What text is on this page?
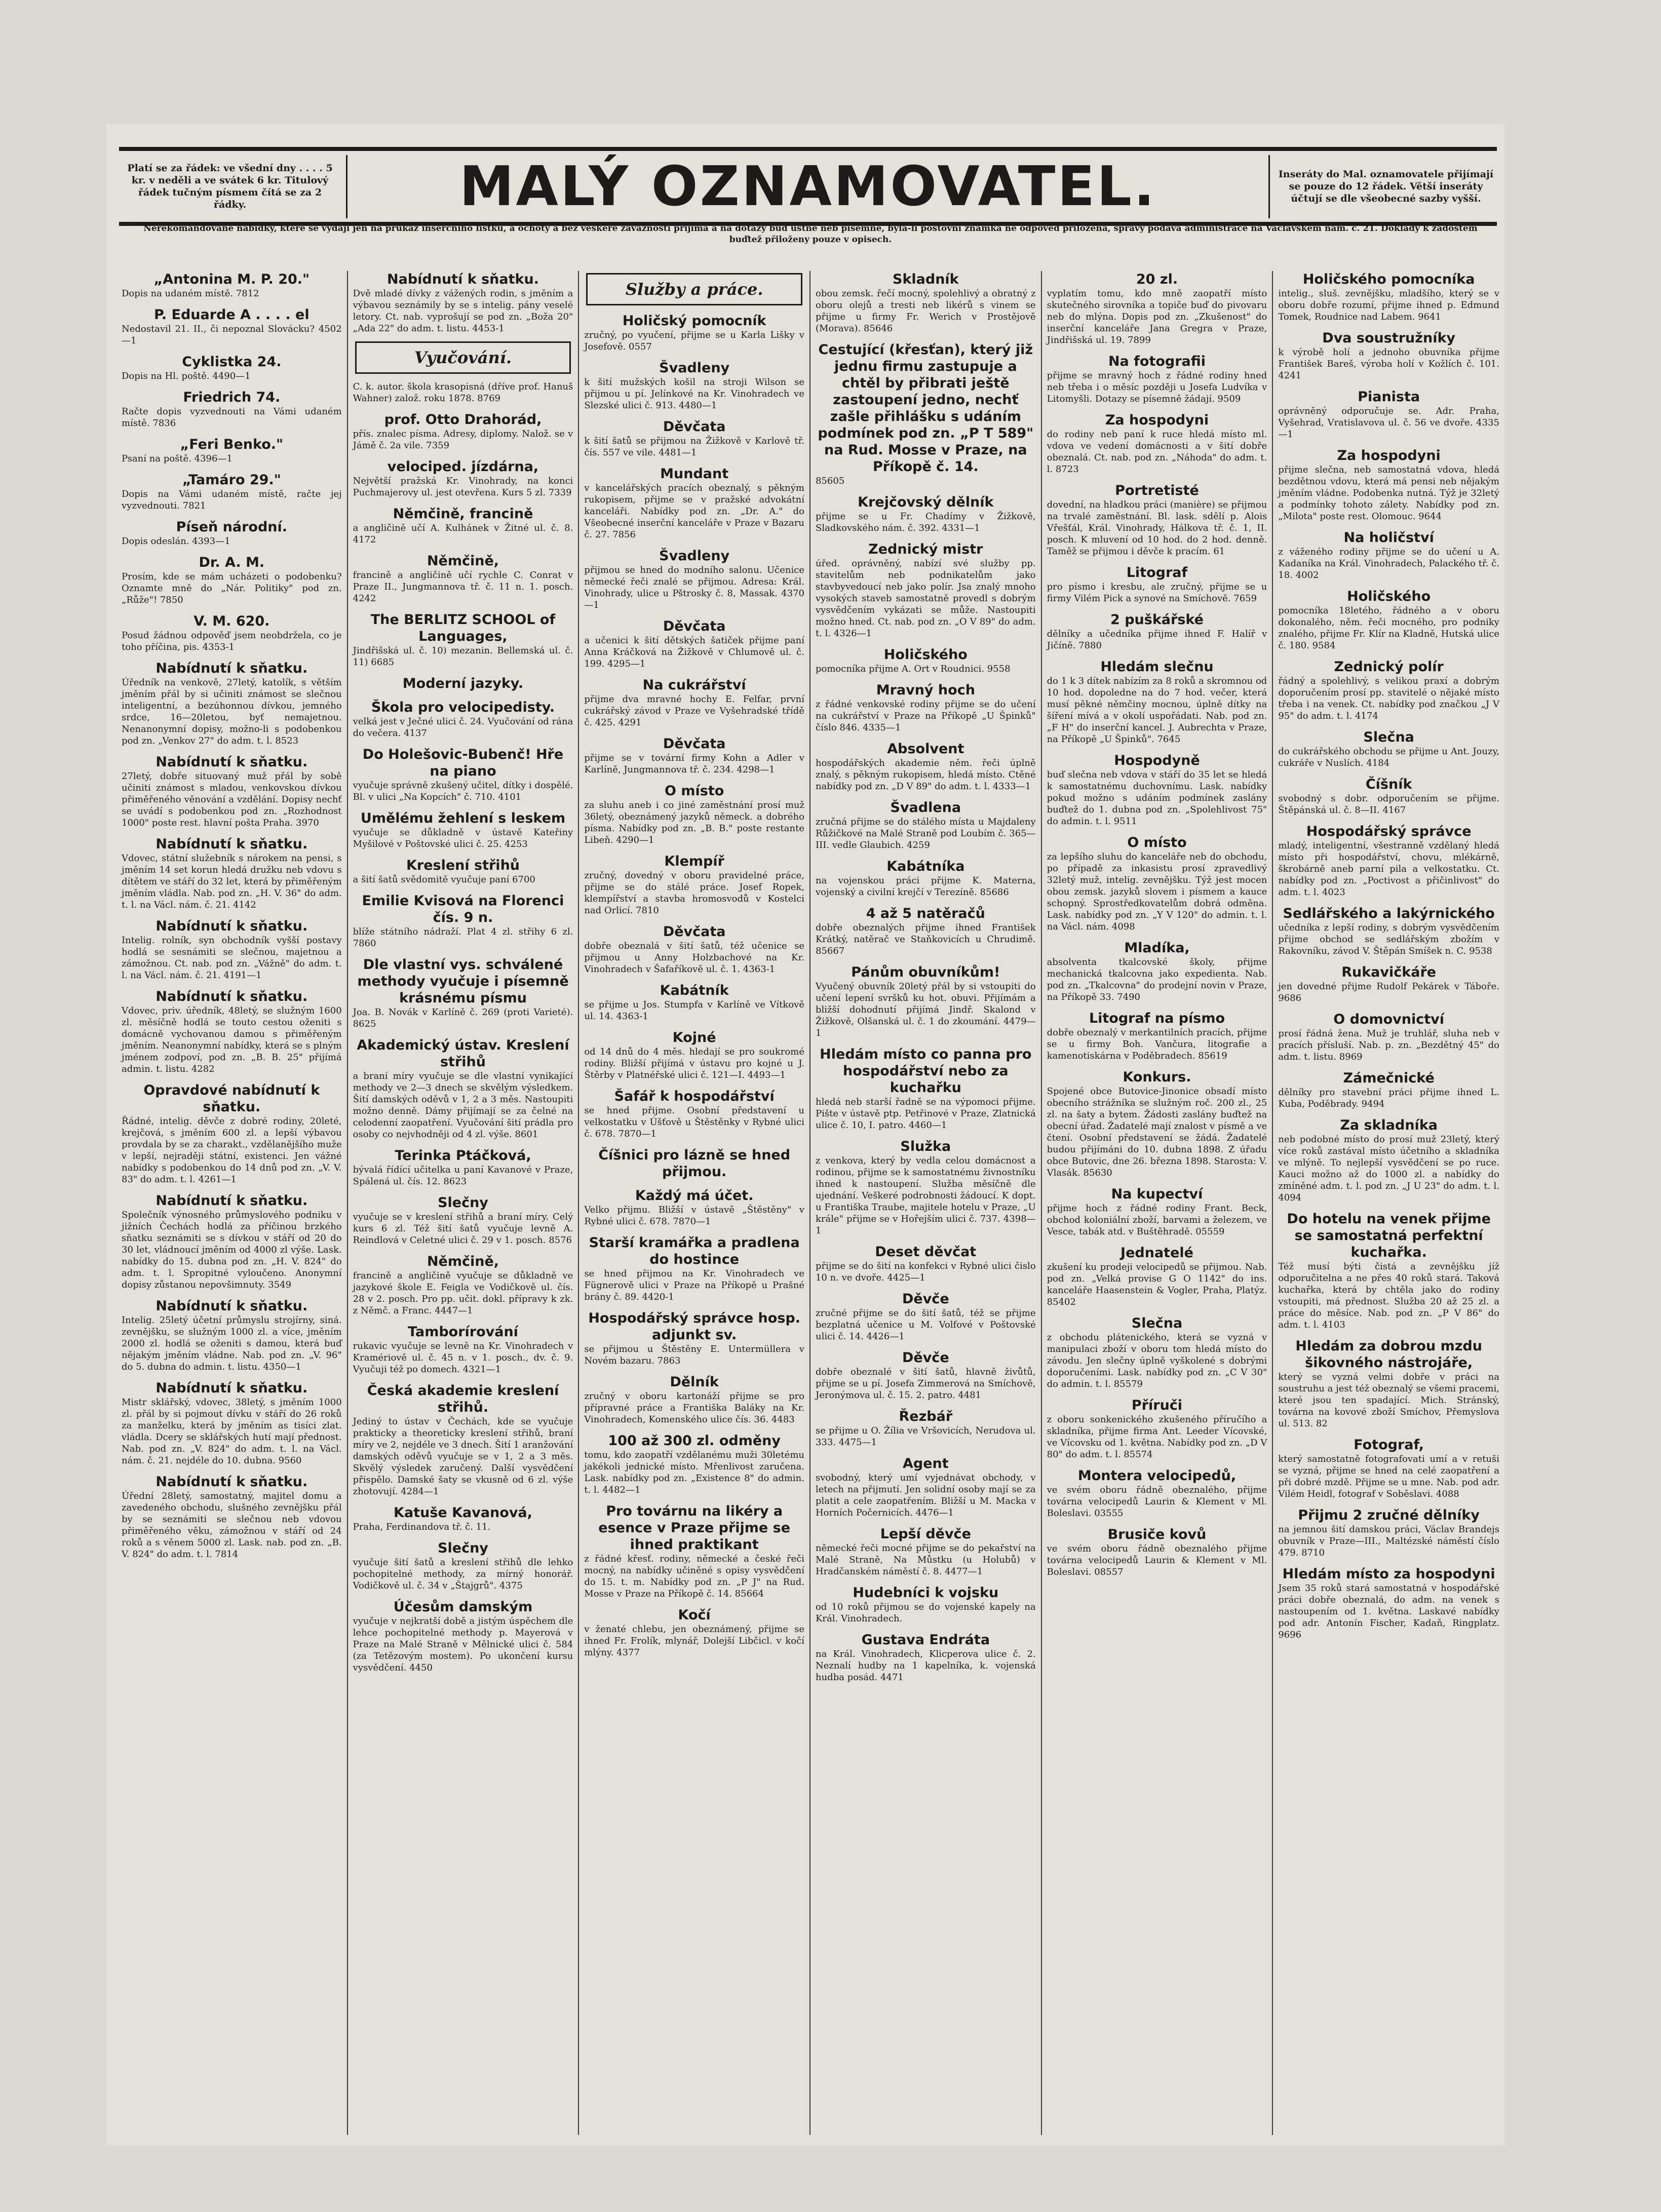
Platí se za řádek: ve všední dny . . . . 5 kr. v neděli a ve svátek 6 kr. Titulový řádek tučným písmem čítá se za 2 řádky.	MALÝ OZNAMOVATEL.	Inseráty do Mal. oznamovatele přijímají se pouze do 12 řádek. Větší inseráty účtují se dle všeobecné sazby vyšší.
Nerekomandované nabídky, které se vydají jen na průkaz inserčního lístku, a ochoty a bez veškeré závaznosti přijímá a na dotazy buď ústně neb písemně, byla-li poštovní známka ne odpověď přiložena, správy podává administrace na Václavském nám. č. 21. Doklady k žádostem buďtež přiloženy pouze v opisech.
„Antonina M. P. 20."

Dopis na udaném místě. 7812

P. Eduarde A . . . . el

Nedostavil 21. II., či nepoznal Slovácku? 4502—1

Cyklistka 24.

Dopis na Hl. poště. 4490—1

Friedrich 74.

Račte dopis vyzvednouti na Vámi udaném místě. 7836

„Feri Benko."

Psaní na poště. 4396—1

„Tamáro 29."

Dopis na Vámi udaném místě, račte jej vyzvednouti. 7821

Píseň národní.

Dopis odeslán. 4393—1

Dr. A. M.

Prosím, kde se mám ucházeti o podobenku? Oznamte mně do „Nár. Politiky" pod zn. „Růže"! 7850

V. M. 620.

Posud žádnou odpověď jsem neobdržela, co je toho příčina, pis. 4353-1

Nabídnutí k sňatku.

Úředník na venkově, 27letý, katolík, s větším jměním přál by si učiniti známost se slečnou inteligentní, a bezúhonnou dívkou, jemného srdce, 16—20letou, byť nemajetnou. Nenanonymní dopisy, možno-li s podobenkou pod zn. „Venkov 27" do adm. t. l. 8523

Nabídnutí k sňatku.

27letý, dobře situovaný muž přál by sobě učiniti známost s mladou, venkovskou dívkou přiměřeného věnování a vzdělání. Dopisy nechť se uvádí s podobenkou pod zn. „Rozhodnost 1000" poste rest. hlavní pošta Praha. 3970

Nabídnutí k sňatku.

Vdovec, státní služebník s nárokem na pensi, s jměním 14 set korun hledá družku neb vdovu s dítětem ve stáří do 32 let, která by přiměřeným jměním vládla. Nab. pod zn. „H. V. 36" do adm. t. l. na Václ. nám. č. 21. 4142

Nabídnutí k sňatku.

Intelig. rolník, syn obchodník vyšší postavy hodlá se sesnámiti se slečnou, majetnou a zámožnou. Ct. nab. pod zn. „Vážně" do adm. t. l. na Václ. nám. č. 21. 4191—1

Nabídnutí k sňatku.

Vdovec, priv. úředník, 48letý, se služným 1600 zl. měsíčně hodlá se touto cestou oženiti s domácně vychovanou damou s přiměřeným jměním. Neanonymní nabídky, která se s plným jménem zodpoví, pod zn. „B. B. 25" přijímá admin. t. listu. 4282

Opravdové nabídnutí k sňatku.

Řádné, intelig. děvče z dobré rodiny, 20leté, krejčová, s jměním 600 zl. a lepší výbavou provdala by se za charakt., vzdělanějšího muže v lepší, nejraději státní, existenci. Jen vážné nabídky s podobenkou do 14 dnů pod zn. „V. V. 83" do adm. t. l. 4261—1

Nabídnutí k sňatku.

Společník výnosného průmyslového podniku v jižních Čechách hodlá za příčinou brzkého sňatku seznámiti se s dívkou v stáří od 20 do 30 let, vládnoucí jměním od 4000 zl výše. Lask. nabídky do 15. dubna pod zn. „H. V. 824" do adm. t. l. Spropitné vyloučeno. Anonymní dopisy zůstanou nepovšimnuty. 3549

Nabídnutí k sňatku.

Intelig. 25letý účetní průmyslu strojírny, siná. zevnějšku, se služným 1000 zl. a více, jměním 2000 zl. hodlá se oženiti s damou, která buď nějakým jměním vládne. Nab. pod zn. „V. 96" do 5. dubna do admin. t. listu. 4350—1

Nabídnutí k sňatku.

Mistr sklářský, vdovec, 38letý, s jměním 1000 zl. přál by si pojmout dívku v stáří do 26 roků za manželku, která by jměním as tisíci zlat. vládla. Dcery se sklářských hutí mají přednost. Nab. pod zn. „V. 824" do adm. t. l. na Václ. nám. č. 21. nejdéle do 10. dubna. 9560

Nabídnutí k sňatku.

Úřední 28letý, samostatný, majitel domu a zavedeného obchodu, slušného zevnějšku přál by se seznámiti se slečnou neb vdovou přiměřeného věku, zámožnou v stáří od 24 roků a s věnem 5000 zl. Lask. nab. pod zn. „B. V. 824" do adm. t. l. 7814

Nabídnutí k sňatku.

Dvě mladé dívky z vážených rodin, s jměním a výbavou seznámily by se s intelig. pány veselé letory. Ct. nab. vyprošují se pod zn. „Boža 20" „Ada 22" do adm. t. listu. 4453-1

Vyučování.

C. k. autor. škola krasopisná (dříve prof. Hanuš Wahner) založ. roku 1878. 8769

prof. Otto Drahorád,

přís. znalec písma. Adresy, diplomy. Nalož. se v Jámě č. 2a vile. 7359

velociped. jízdárna,

Největší pražská Kr. Vinohrady, na konci Puchmajerovy ul. jest otevřena. Kurs 5 zl. 7339

Němčině, francině

a angličině učí A. Kulhánek v Žitné ul. č. 8. 4172

Němčině,

francině a angličině učí rychle C. Conrat v Praze II., Jungmannova tř. č. 11 n. 1. posch. 4242

The BERLITZ SCHOOL of Languages,

Jindřišská ul. č. 10) mezanin. Bellemská ul. č. 11) 6685

Moderní jazyky.
Škola pro velocipedisty.

velká jest v Ječné ulici č. 24. Vyučování od rána do večera. 4137

Do Holešovic-Bubenč! Hře na piano

vyučuje správně zkušený učitel, dítky i dospělé. Bl. v ulici „Na Kopcích" č. 710. 4101

Umělému žehlení s leskem

vyučuje se důkladně v ústavě Kateřiny Myšilové v Poštovské ulici č. 25. 4253

Kreslení střihů

a šití šatů svědomitě vyučuje paní 6700

Emilie Kvisová na Florenci čís. 9 n.

blíže státního nádraží. Plat 4 zl. střihy 6 zl. 7860

Dle vlastní vys. schválené methody vyučuje i písemně krásnému písmu

Joa. B. Novák v Karlíně č. 269 (proti Varieté). 8625

Akademický ústav. Kreslení střihů

a braní míry vyučuje se dle vlastní vynikající methody ve 2—3 dnech se skvělým výsledkem. Šití damských oděvů v 1, 2 a 3 měs. Nastoupiti možno denně. Dámy přijímají se za čelné na celodenní zaopatření. Vyučování šití prádla pro osoby co nejvhodněji od 4 zl. výše. 8601

Terinka Ptáčková,

bývalá řídící učitelka u paní Kavanové v Praze, Spálená ul. čís. 12. 8623

Slečny

vyučuje se v kreslení střihů a braní míry. Celý kurs 6 zl. Též šití šatů vyučuje levně A. Reindlová v Celetné ulici č. 29 v 1. posch. 8576

Němčině,

francině a angličině vyučuje se důkladně ve jazykové škole E. Feigla ve Vodičkově ul. čís. 28 v 2. posch. Pro pp. učit. dokl. přípravy k zk. z Němč. a Franc. 4447—1

Tamborírování

rukavic vyučuje se levně na Kr. Vinohradech v Kramériově ul. č. 45 n. v 1. posch., dv. č. 9. Vyučuji též po domech. 4321—1

Česká akademie kreslení střihů.

Jediný to ústav v Čechách, kde se vyučuje prakticky a theoreticky kreslení střihů, braní míry ve 2, nejdéle ve 3 dnech. Šití 1 aranžování damských oděvů vyučuje se v 1, 2 a 3 měs. Skvělý výsledek zaručený. Další vysvědčení přispělo. Damské šaty se vkusně od 6 zl. výše zhotovují. 4284—1

Katuše Kavanová,

Praha, Ferdinandova tř. č. 11.

Slečny

vyučuje šití šatů a kreslení střihů dle lehko pochopitelné methody, za mírný honorář. Vodičkově ul. č. 34 v „Štajgrů". 4375

Účesům damským

vyučuje v nejkratší době a jistým úspěchem dle lehce pochopitelné methody p. Mayerová v Praze na Malé Straně v Mělnické ulici č. 584 (za Tetězovým mostem). Po ukončení kursu vysvědčení. 4450

Služby a práce.
Holičský pomocník

zručný, po vyučení, přijme se u Karla Lišky v Josefově. 0557

Švadleny

k šití mužských košil na stroji Wilson se přijmou u pí. Jelínkové na Kr. Vinohradech ve Slezské ulici č. 913. 4480—1

Děvčata

k šití šatů se přijmou na Žižkově v Karlově tř. čís. 557 ve vile. 4481—1

Mundant

v kancelářských pracích obeznalý, s pěkným rukopisem, přijme se v pražské advokátní kanceláři. Nabídky pod zn. „Dr. A." do Všeobecné inserční kanceláře v Praze v Bazaru č. 27. 7856

Švadleny

přijmou se hned do modního salonu. Učenice německé řeči znalé se přijmou. Adresa: Král. Vinohrady, ulice u Pštrosky č. 8, Massak. 4370—1

Děvčata

a učenici k šití dětských šatiček přijme paní Anna Kráčková na Žižkově v Chlumově ul. č. 199. 4295—1

Na cukrářství

přijme dva mravné hochy E. Felfar, první cukrářský závod v Praze ve Vyšehradské třídě č. 425. 4291

Děvčata

přijme se v tovární firmy Kohn a Adler v Karlíně, Jungmannova tř. č. 234. 4298—1

O místo

za sluhu aneb i co jiné zaměstnání prosí muž 36letý, obeznámený jazyků německ. a dobrého písma. Nabídky pod zn. „B. B." poste restante Libeň. 4290—1

Klempíř

zručný, dovedný v oboru pravidelné práce, přijme se do stálé práce. Josef Ropek, klempířství a stavba hromosvodů v Kostelci nad Orlicí. 7810

Děvčata

dobře obeznalá v šití šatů, též učenice se přijmou u Anny Holzbachové na Kr. Vinohradech v Šafaříkově ul. č. 1. 4363-1

Kabátník

se přijme u Jos. Stumpfa v Karlíně ve Vítkově ul. 14. 4363-1

Kojné

od 14 dnů do 4 měs. hledají se pro soukromé rodiny. Bližší přijímá v ústavu pro kojné u J. Štěrby v Platnéřské ulici č. 121—I. 4493—1

Šafář k hospodářství

se hned přijme. Osobní představení u velkostatku v Úšťově u Štěstěnky v Rybné ulici č. 678. 7870—1

Číšnici pro lázně se hned přijmou.
Každý má účet.

Velko přijmu. Bližší v ústavě „Štěstěny" v Rybné ulici č. 678. 7870—1

Starší kramářka a pradlena do hostince

se hned přijmou na Kr. Vinohradech ve Fügnerově ulici v Praze na Příkopě u Prašné brány č. 89. 4420-1

Hospodářský správce hosp. adjunkt sv.

se přijmou u Štěstěny E. Untermüllera v Novém bazaru. 7863

Dělník

zručný v oboru kartonáží přijme se pro přípravné práce a Františka Baláky na Kr. Vinohradech, Komenského ulice čís. 36. 4483

100 až 300 zl. odměny

tomu, kdo zaopatří vzdělanému muži 30letému jakékoli jednické místo. Mřenlivost zaručena. Lask. nabídky pod zn. „Existence 8" do admin. t. l. 4482—1

Pro továrnu na likéry a esence v Praze přijme se ihned praktikant

z řádné křesť. rodiny, německé a české řeči mocný, na nabídky učiněné s opisy vysvědčení do 15. t. m. Nabídky pod zn. „P J" na Rud. Mosse v Praze na Příkopě č. 14. 85664

Kočí

v ženaté chlebu, jen obeznámený, přijme se ihned Fr. Frolík, mlynář, Dolejší Libčicl. v kočí mlýny. 4377

Skladník

obou zemsk. řečí mocný, spolehlivý a obratný z oboru olejů a tresti neb likérů s vinem se přijme u firmy Fr. Werich v Prostějově (Morava). 85646

Cestující (křesťan), který již jednu firmu zastupuje a chtěl by přibrati ještě zastoupení jedno, nechť zašle přihlášku s udáním podmínek pod zn. „P T 589" na Rud. Mosse v Praze, na Příkopě č. 14.

85605

Krejčovský dělník

přijme se u Fr. Chadímy v Žižkově, Sladkovského nám. č. 392. 4331—1

Zednický mistr

úřed. oprávněný, nabízí své služby pp. stavitelům neb podnikatelům jako stavbyvedoucí neb jako polír. Jsa znalý mnoho vysokých staveb samostatně provedl s dobrým vysvědčením vykázati se může. Nastoupiti možno hned. Ct. nab. pod zn. „O V 89" do adm. t. l. 4326—1

Holičského

pomocníka přijme A. Ort v Roudnici. 9558

Mravný hoch

z řádné venkovské rodiny přijme se do učení na cukrářství v Praze na Příkopě „U Špinků" číslo 846. 4335—1

Absolvent

hospodářských akademie něm. řeči úplně znalý, s pěkným rukopisem, hledá místo. Ctěné nabídky pod zn. „D V 89" do adm. t. l. 4333—1

Švadlena

zručná přijme se do stálého místa u Majdaleny Růžičkové na Malé Straně pod Loubím č. 365—III. vedle Glaubich. 4259

Kabátníka

na vojenskou práci přijme K. Materna, vojenský a civilní krejčí v Terezíně. 85686

4 až 5 natěračů

dobře obeznalých přijme ihned František Krátký, natěrač ve Staňkovicích u Chrudimě. 85667

Pánům obuvníkům!

Vyučený obuvník 20letý přál by si vstoupiti do učení lepení svršků ku hot. obuvi. Přijímám a bližší dohodnutí přijímá Jindř. Skalond v Žižkově, Olšanská ul. č. 1 do zkoumání. 4479—1

Hledám místo co panna pro hospodářství nebo za kuchařku

hledá neb starší řadně se na výpomoci přijme. Pište v ústavě ptp. Petřinové v Praze, Zlatnická ulice č. 10, I. patro. 4460—1

Služka

z venkova, který by vedla celou domácnost a rodinou, přijme se k samostatnému živnostníku ihned k nastoupení. Služba měsíčně dle ujednání. Veškeré podrobnosti žádoucí. K dopt. u Františka Traube, majitele hotelu v Praze, „U krále" přijme se v Hořejším ulici č. 737. 4398—1

Deset děvčat

přijme se do šití na konfekci v Rybné ulici čislo 10 n. ve dvoře. 4425—1

Děvče

zručné přijme se do šití šatů, též se přijme bezplatná učenice u M. Volfové v Poštovské ulici č. 14. 4426—1

Děvče

dobře obeznalé v šití šatů, hlavně živůtů, přijme se u pí. Josefa Zimmerová na Smíchově, Jeronýmova ul. č. 15. 2. patro. 4481

Řezbář

se přijme u O. Žília ve Vršovicích, Nerudova ul. 333. 4475—1

Agent

svobodný, který umí vyjednávat obchody, v letech na přijmutí. Jen solidní osoby mají se za platit a cele zaopatřením. Bližší u M. Macka v Horních Počernicích. 4476—1

Lepší děvče

německé řeči mocné přijme se do pekařství na Malé Straně, Na Můstku (u Holubů) v Hradčanském náměstí č. 8. 4477—1

Hudebníci k vojsku

od 10 roků přijmou se do vojenské kapely na Král. Vinohradech.

Gustava Endráta

na Král. Vinohradech, Klicperova ulice č. 2. Neznalí hudby na 1 kapelníka, k. vojenská hudba posád. 4471

20 zl.

vyplatím tomu, kdo mně zaopatří místo skutečného sirovníka a topiče buď do pivovaru neb do mlýna. Dopis pod zn. „Zkušenost" do inserční kanceláře Jana Gregra v Praze, Jindřišská ul. 19. 7899

Na fotografii

přijme se mravný hoch z řádné rodiny hned neb třeba i o měsíc později u Josefa Ludvíka v Litomyšli. Dotazy se písemně žádají. 9509

Za hospodyni

do rodiny neb paní k ruce hledá místo ml. vdova ve vedení domácnosti a v šití dobře obeznalá. Ct. nab. pod zn. „Náhoda" do adm. t. l. 8723

Portretisté

dovední, na hladkou práci (manière) se přijmou na trvalé zaměstnání. Bl. lask. sdělí p. Alois Vřešťál, Král. Vinohrady, Hálkova tř. č. 1, II. posch. K mluvení od 10 hod. do 2 hod. denně. Taměž se přijmou i děvče k pracím. 61

Litograf

pro písmo i kresbu, ale zručný, přijme se u firmy Vilém Pick a synové na Smíchově. 7659

2 puškářské

dělníky a učedníka přijme ihned F. Halíř v Jičíně. 7880

Hledám slečnu

do 1 k 3 dítek nabízím za 8 roků a skromnou od 10 hod. dopoledne na do 7 hod. večer, která musí pěkné němčiny mocnou, úplně dítky na šíření mívá a v okolí uspořádati. Nab. pod zn. „F H" do inserční kancel. J. Aubrechta v Praze, na Příkopě „U Špinků". 7645

Hospodyně

buď slečna neb vdova v stáří do 35 let se hledá k samostatnému duchovnímu. Lask. nabídky pokud možno s udáním podmínek zaslány buďtež do 1. dubna pod zn. „Spolehlivost 75" do admin. t. l. 9511

O místo

za lepšího sluhu do kanceláře neb do obchodu, po případě za inkasistu prosí zpravedlivý 32letý muž, intelig. zevnějšku. Týž jest mocen obou zemsk. jazyků slovem i písmem a kauce schopný. Sprostředkovatelům dobrá odměna. Lask. nabídky pod zn. „Y V 120" do admin. t. l. na Václ. nám. 4098

Mladíka,

absolventa tkalcovské školy, přijme mechanická tkalcovna jako expedienta. Nab. pod zn. „Tkalcovna" do prodejní novin v Praze, na Příkopě 33. 7490

Litograf na písmo

dobře obeznalý v merkantilních pracích, přijme se u firmy Boh. Vančura, litografie a kamenotiskárna v Poděbradech. 85619

Konkurs.

Spojené obce Butovice-Jinonice obsadí místo obecního strážníka se služným roč. 200 zl., 25 zl. na šaty a bytem. Žádosti zaslány buďtež na obecní úřad. Žadatelé mají znalost v písmě a ve čtení. Osobní představení se žádá. Žadatelé budou přijímáni do 10. dubna 1898. Z úřadu obce Butovic, dne 26. března 1898. Starosta: V. Vlasák. 85630

Na kupectví

přijme hoch z řádné rodiny Frant. Beck, obchod koloniální zboží, barvami a železem, ve Vesce, tabák atd. v Buštěhradě. 05559

Jednatelé

zkušení ku prodeji velocipedů se přijmou. Nab. pod zn. „Velká provise G O 1142" do ins. kanceláře Haasenstein & Vogler, Praha, Platýz. 85402

Slečna

z obchodu plátenického, která se vyzná v manipulaci zboží v oboru tom hledá místo do závodu. Jen slečny úplně vyškolené s dobrými doporučeními. Lask. nabídky pod zn. „C V 30" do admin. t. l. 85579

Příruči

z oboru sonkenického zkušeného příručího a skladníka, přijme firma Ant. Leeder Vícovské, ve Vícovsku od 1. května. Nabídky pod zn. „D V 80" do adm. t. l. 85574

Montera velocipedů,

ve svém oboru řádně obeznalého, přijme továrna velocipedů Laurin & Klement v Ml. Boleslavi. 03555

Brusiče kovů

ve svém oboru řádně obeznalého přijme továrna velocipedů Laurin & Klement v Ml. Boleslavi. 08557

Holičského pomocníka

intelig., sluš. zevnějšku, mladšího, který se v oboru dobře rozumí, přijme ihned p. Edmund Tomek, Roudnice nad Labem. 9641

Dva soustružníky

k výrobě holí a jednoho obuvníka přijme František Bareš, výroba holí v Kožlích č. 101. 4241

Pianista

oprávněný odporučuje se. Adr. Praha, Vyšehrad, Vratislavova ul. č. 56 ve dvoře. 4335—1

Za hospodyni

přijme slečna, neb samostatná vdova, hledá bezdětnou vdovu, která má pensi neb nějakým jměním vládne. Podobenka nutná. Týž je 32letý a podmínky tohoto zálety. Nabídky pod zn. „Milota" poste rest. Olomouc. 9644

Na holičství

z váženého rodiny přijme se do učení u A. Kadaníka na Král. Vinohradech, Palackého tř. č. 18. 4002

Holičského

pomocníka 18letého, řádného a v oboru dokonalého, něm. řeči mocného, pro podniky znalého, přijme Fr. Klír na Kladně, Hutská ulice č. 180. 9584

Zednický polír

řádný a spolehlivý, s velikou praxí a dobrým doporučením prosí pp. stavitelé o nějaké místo třeba i na venek. Ct. nabídky pod značkou „J V 95" do adm. t. l. 4174

Slečna

do cukrářského obchodu se přijme u Ant. Jouzy, cukráře v Nuslích. 4184

Číšník

svobodný s dobr. odporučením se přijme. Štěpánská ul. č. 8—II. 4167

Hospodářský správce

mladý, inteligentní, všestranně vzdělaný hledá místo při hospodářství, chovu, mlékárně, škrobárně aneb parní pila a velkostatku. Ct. nabídky pod zn. „Poctivost a přičinlivost" do adm. t. l. 4023

Sedlářského a lakýrnického

učedníka z lepší rodiny, s dobrým vysvědčením přijme obchod se sedlářským zbožím v Rakovníku, závod V. Štěpán Smíšek n. C. 9538

Rukavičkáře

jen dovedné přijme Rudolf Pekárek v Táboře. 9686

O domovnictví

prosí řádná žena. Muž je truhlář, sluha neb v pracích přísluší. Nab. p. zn. „Bezdětný 45" do adm. t. listu. 8969

Zámečnické

dělníky pro stavební práci přijme ihned L. Kuba, Poděbrady. 9494

Za skladníka

neb podobné místo do prosí muž 23letý, který více roků zastával místo účetního a skladníka ve mlýně. To nejlepší vysvědčení se po ruce. Kauci možno až do 1000 zl. a nabídky do zmíněné adm. t. l. pod zn. „J U 23" do adm. t. l. 4094

Do hotelu na venek přijme se samostatná perfektní kuchařka.

Též musí býti čistá a zevnějšku jíž odporučitelna a ne přes 40 roků stará. Taková kuchařka, která by chtěla jako do rodiny vstoupiti, má přednost. Služba 20 až 25 zl. a práce do měsíce. Nab. pod zn. „P V 86" do adm. t. l. 4103

Hledám za dobrou mzdu šikovného nástrojáře,

který se vyzná velmi dobře v práci na soustruhu a jest též obeznalý se všemi pracemi, které jsou ten spadající. Mich. Stránský, továrna na kovové zboží Smíchov, Přemyslova ul. 513. 82

Fotograf,

který samostatně fotografovati umí a v retuši se vyzná, přijme se hned na celé zaopatření a při dobré mzdě. Přijme se u mne. Nab. pod adr. Vilém Heidl, fotograf v Soběslavi. 4088

Přijmu 2 zručné dělníky

na jemnou šití damskou práci, Václav Brandejs obuvník v Praze—III., Maltézské náměstí číslo 479. 8710

Hledám místo za hospodyni

Jsem 35 roků stará samostatná v hospodářské práci dobře obeznalá, do adm. na venek s nastoupením od 1. května. Laskavé nabídky pod adr. Antonín Fischer, Kadaň, Ringplatz. 9696
